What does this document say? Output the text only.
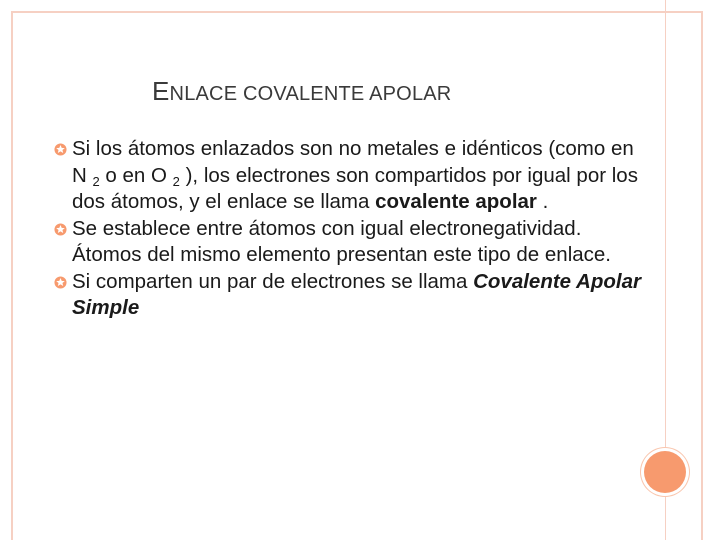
ENLACE COVALENTE APOLAR

Si los átomos enlazados son no metales e idénticos (como en N $_2$ o en O $_2$ ), los electrones son compartidos por igual por los dos átomos, y el enlace se llama covalente apolar .

Se establece entre átomos con igual electronegatividad. Átomos del mismo elemento presentan este tipo de enlace.

Si comparten un par de electrones se llama Covalente Apolar Simple
